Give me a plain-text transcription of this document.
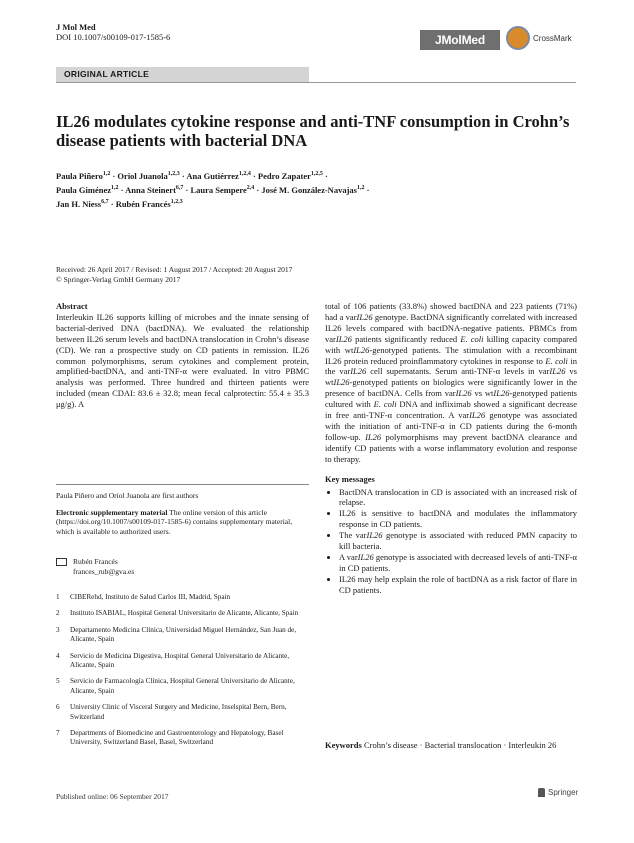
J Mol Med
DOI 10.1007/s00109-017-1585-6	JMolMed	CrossMark
ORIGINAL ARTICLE
IL26 modulates cytokine response and anti-TNF consumption in Crohn’s disease patients with bacterial DNA
Paula Piñero$^{1,2}$ · Oriol Juanola$^{1,2,3}$ · Ana Gutiérrez$^{1,2,4}$ · Pedro Zapater$^{1,2,5}$ ·
Paula Giménez$^{1,2}$ · Anna Steinert$^{6,7}$ · Laura Sempere$^{2,4}$ · José M. González-Navajas$^{1,2}$ ·
Jan H. Niess$^{6,7}$ · Rubén Francés$^{1,2,3}$
Received: 26 April 2017 / Revised: 1 August 2017 / Accepted: 20 August 2017
© Springer-Verlag GmbH Germany 2017
Abstract
Interleukin IL26 supports killing of microbes and the innate sensing of bacterial-derived DNA (bactDNA). We evaluated the relationship between IL26 serum levels and bactDNA translocation in Crohn’s disease (CD). We ran a prospective study on CD patients in remission. IL26 common polymorphisms, serum cytokines and complement protein, amplified-bactDNA, and anti-TNF-α were evaluated. In vitro PBMC analysis was performed. Three hundred and thirteen patients were included (mean CDAI: 83.6 ± 32.8; mean fecal calprotectin: 55.4 ± 35.3 μg/g). A

Paula Piñero and Oriol Juanola are first authors

Electronic supplementary material The online version of this article (https://doi.org/10.1007/s00109-017-1585-6) contains supplementary material, which is available to authorized users.

Rubén Francés
frances_rub@gva.es
1	CIBERehd, Instituto de Salud Carlos III, Madrid, Spain
2	Instituto ISABIAL, Hospital General Universitario de Alicante, Alicante, Spain
3	Departamento Medicina Clínica, Universidad Miguel Hernández, San Juan de, Alicante, Spain
4	Servicio de Medicina Digestiva, Hospital General Universitario de Alicante, Alicante, Spain
5	Servicio de Farmacología Clínica, Hospital General Universitario de Alicante, Alicante, Spain
6	University Clinic of Visceral Surgery and Medicine, Inselspital Bern, Bern, Switzerland
7	Departments of Biomedicine and Gastroenterology and Hepatology, Basel University, Switzerland Basel, Basel, Switzerland
total of 106 patients (33.8%) showed bactDNA and 223 patients (71%) had a varIL26 genotype. BactDNA significantly correlated with increased IL26 levels compared with bactDNA-negative patients. PBMCs from varIL26 patients significantly reduced E. coli killing capacity compared with wtIL26-genotyped patients. The stimulation with a recombinant IL26 protein reduced proinflammatory cytokines in response to E. coli in the varIL26 cell supernatants. Serum anti-TNF-α levels in varIL26 vs wtIL26-genotyped patients on biologics were significantly lower in the presence of bactDNA. Cells from varIL26 vs wtIL26-genotyped patients cultured with E. coli DNA and infliximab showed a significant decrease in free anti-TNF-α concentration. A varIL26 genotype was associated with the initiation of anti-TNF-α in CD patients during the 6-month follow-up. IL26 polymorphisms may prevent bactDNA clearance and identify CD patients with a worse inflammatory evolution and response to therapy.
Key messages
• BactDNA translocation in CD is associated with an increased risk of relapse.
• IL26 is sensitive to bactDNA and modulates the inflammatory response in CD patients.
• The varIL26 genotype is associated with reduced PMN capacity to kill bacteria.
• A varIL26 genotype is associated with decreased levels of anti-TNF-α in CD patients.
• IL26 may help explain the role of bactDNA as a risk factor of flare in CD patients.
Keywords Crohn’s disease · Bacterial translocation · Interleukin 26
Published online: 06 September 2017	Springer
